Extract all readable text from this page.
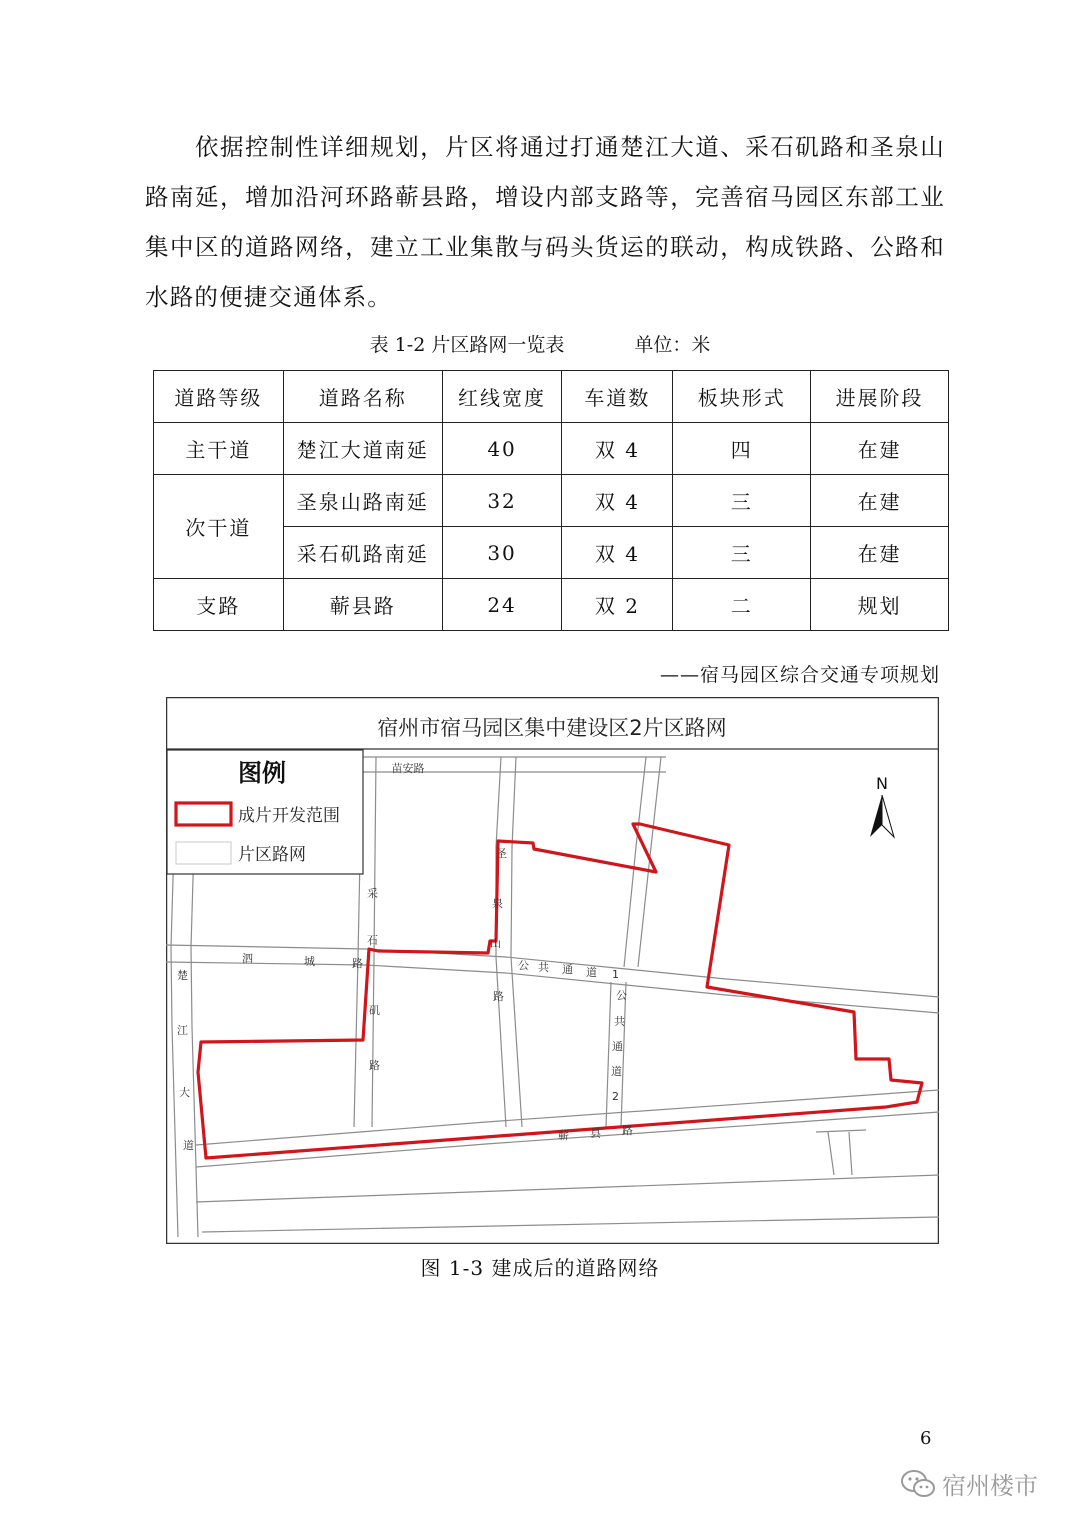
依据控制性详细规划，片区将通过打通楚江大道、采石矶路和圣泉山路南延，增加沿河环路蕲县路，增设内部支路等，完善宿马园区东部工业集中区的道路网络，建立工业集散与码头货运的联动，构成铁路、公路和水路的便捷交通体系。

表 1-2 片区路网一览表	单位：米
道路等级	道路名称	红线宽度	车道数	板块形式	进展阶段
主干道	楚江大道南延	40	双 4	四	在建
次干道	圣泉山路南延	32	双 4	三	在建
	采石矶路南延	30	双 4	三	在建
支路	蕲县路	24	双 2	二	规划
——宿马园区综合交通专项规划
宿州市宿马园区集中建设区2片区路网
图例
成片开发范围
片区路网
N
苗安路
泗	城	路	公 共 通 道 1
蕲 县 路
采
石
矶
路
圣
泉
山
路
楚
江
大
道
公
共
通
道
2
图 1-3 建成后的道路网络
6
宿州楼市
